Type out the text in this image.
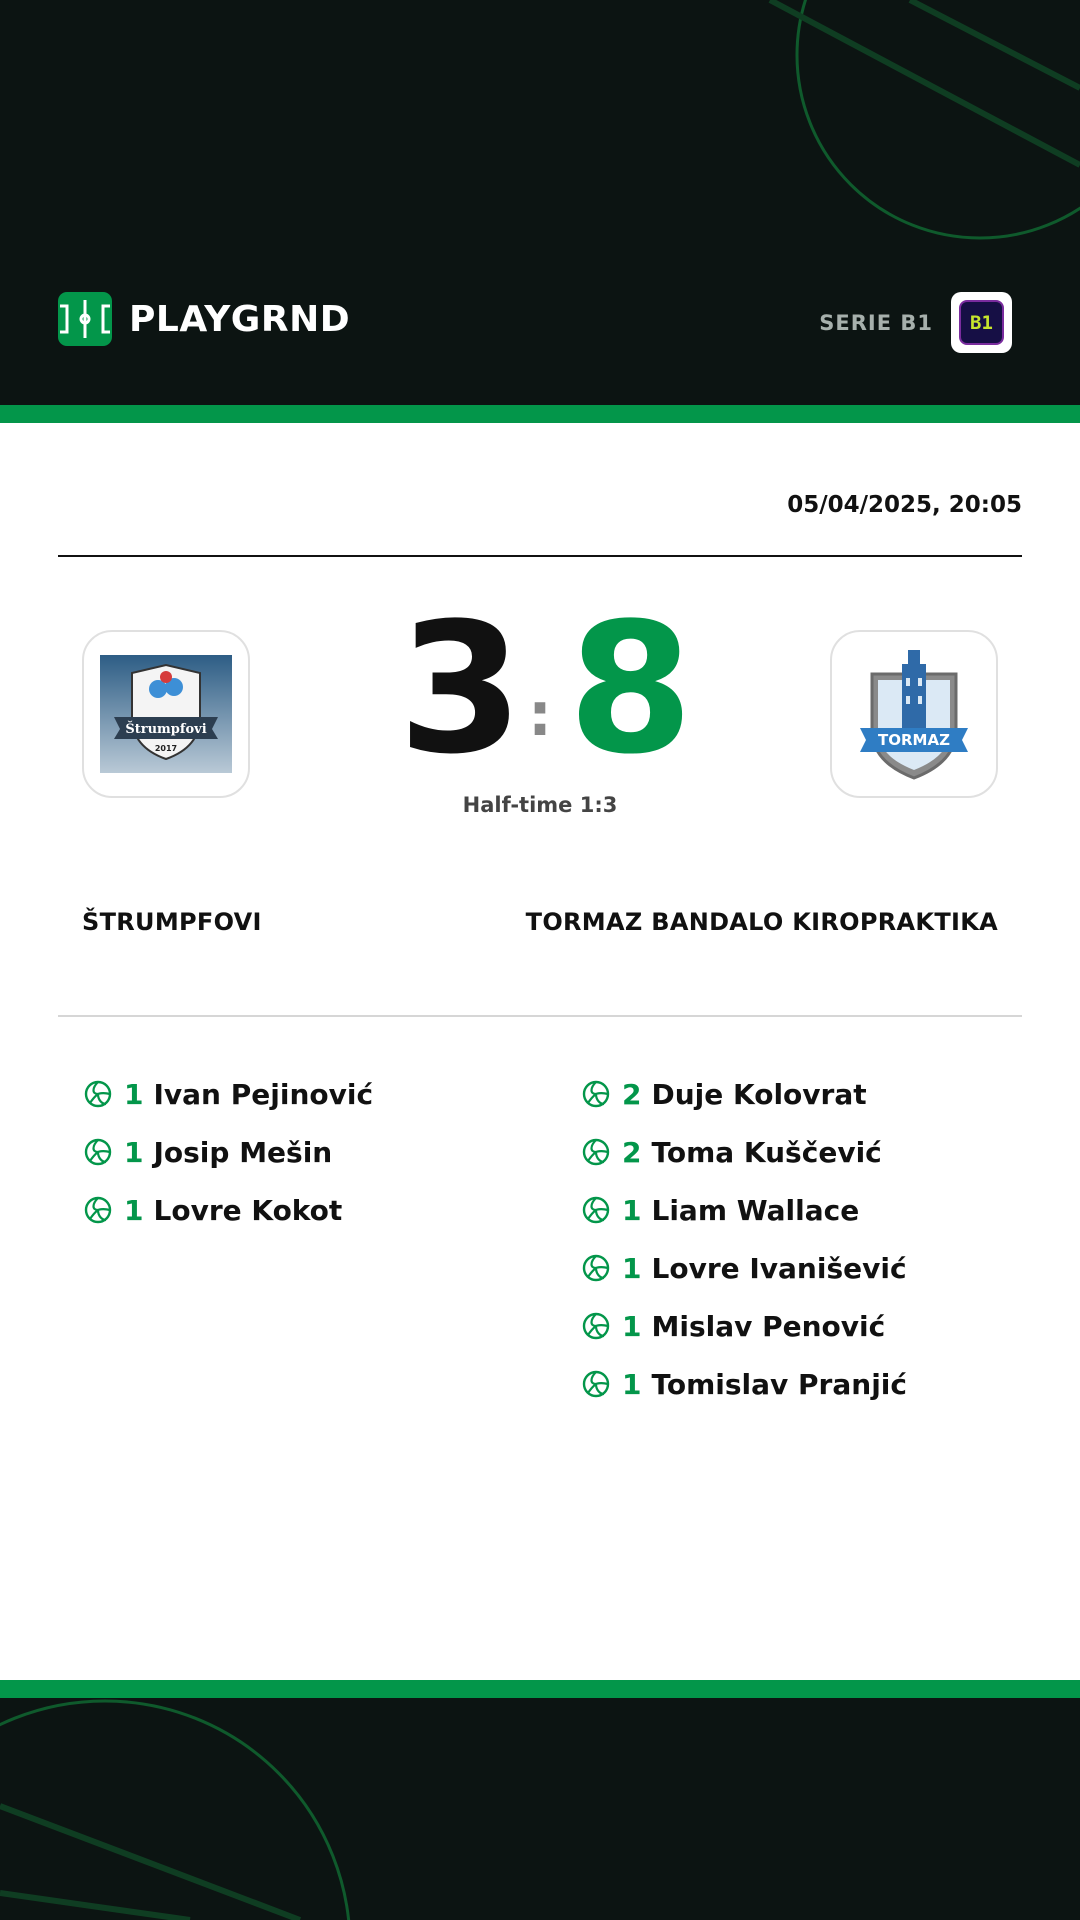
PLAYGRND	SERIE B1 B1
05/04/2025, 20:05
Štrumpfovi
2017	TORMAZ
3 : 8
Half-time 1:3
ŠTRUMPFOVI	TORMAZ BANDALO KIROPRAKTIKA
1 Ivan Pejinović
1 Josip Mešin
1 Lovre Kokot
2 Duje Kolovrat
2 Toma Kuščević
1 Liam Wallace
1 Lovre Ivanišević
1 Mislav Penović
1 Tomislav Pranjić
